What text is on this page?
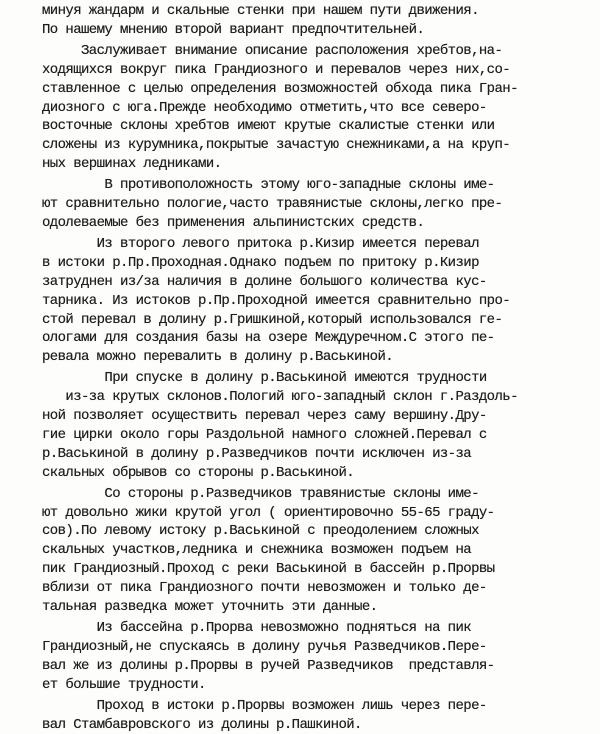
минуя жандарм и скальные стенки при нашем пути движения.
По нашему мнению второй вариант предпочтительней.
Заслуживает внимание описание расположения хребтов,на-
ходящихся вокруг пика Грандиозного и перевалов через них,со-
ставленное с целью определения возможностей обхода пика Гран-
диозного с юга.Прежде необходимо отметить,что все северо-
восточные склоны хребтов имеют крутые скалистые стенки или
сложены из курумника,покрытые зачастую снежниками,а на круп-
ных вершинах ледниками.
В противоположность этому юго-западные склоны име-
ют сравнительно пологие,часто травянистые склоны,легко пре-
одолеваемые без применения альпинистских средств.
Из второго левого притока р.Кизир имеется перевал
в истоки р.Пр.Проходная.Однако подъем по притоку р.Кизир
затруднен из/за наличия в долине большого количества кус-
тарника. Из истоков р.Пр.Проходной имеется сравнительно про-
стой перевал в долину р.Гришкиной,который использовался ге-
ологами для создания базы на озере Междуречном.С этого пе-
ревала можно перевалить в долину р.Васькиной.
При спуске в долину р.Васькиной имеются трудности
из-за крутых склонов.Пологий юго-западный склон г.Раздоль-
ной позволяет осуществить перевал через саму вершину.Дру-
гие цирки около горы Раздольной намного сложней.Перевал с
р.Васькиной в долину р.Разведчиков почти исключен из-за
скальных обрывов со стороны р.Васькиной.
Со стороны р.Разведчиков травянистые склоны име-
ют довольно жики крутой угол ( ориентировочно 55-65 граду-
сов).По левому истоку р.Васькиной с преодолением сложных
скальных участков,ледника и снежника возможен подъем на
пик Грандиозный.Проход с реки Васькиной в бассейн р.Прорвы
вблизи от пика Грандиозного почти невозможен и только де-
тальная разведка может уточнить эти данные.
Из бассейна р.Прорва невозможно подняться на пик
Грандиозный,не спускаясь в долину ручья Разведчиков.Пере-
вал же из долины р.Прорвы в ручей Разведчиков  представля-
ет большие трудности.
Проход в истоки р.Прорвы возможен лишь через пере-
вал Стамбавровского из долины р.Пашкиной.
